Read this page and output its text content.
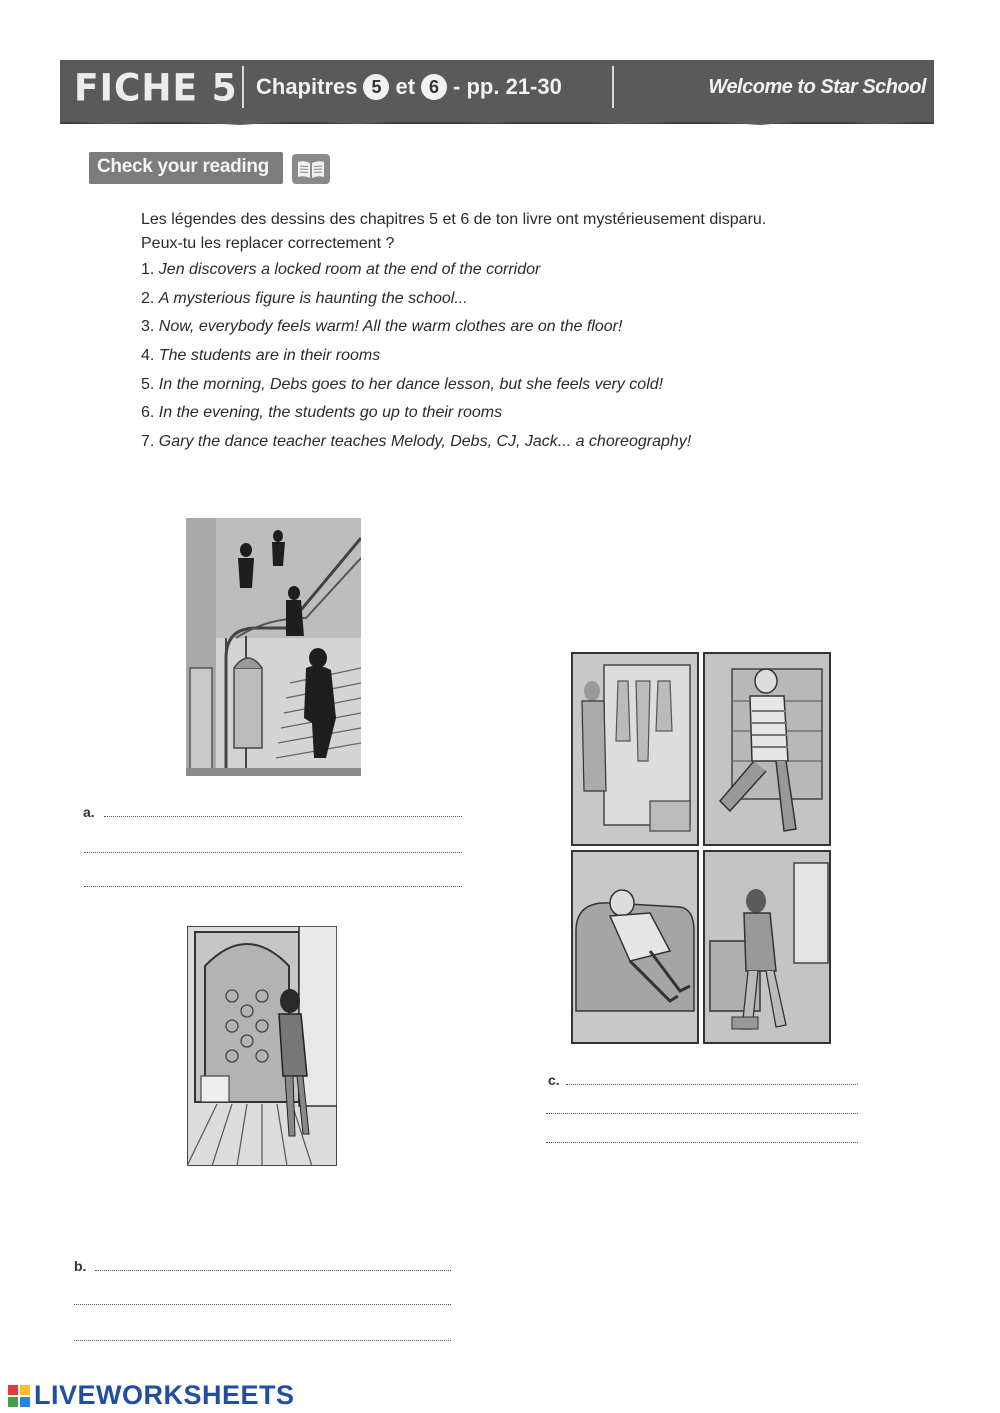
FICHE 5 Chapitres 5 et 6 - pp. 21-30	Welcome to Star School
Check your reading
Les légendes des dessins des chapitres 5 et 6 de ton livre ont mystérieusement disparu.
Peux-tu les replacer correctement ?
1. Jen discovers a locked room at the end of the corridor
2. A mysterious figure is haunting the school...
3. Now, everybody feels warm! All the warm clothes are on the floor!
4. The students are in their rooms
5. In the morning, Debs goes to her dance lesson, but she feels very cold!
6. In the evening, the students go up to their rooms
7. Gary the dance teacher teaches Melody, Debs, CJ, Jack... a choreography!
a.
b.
c.
LIVEWORKSHEETS
